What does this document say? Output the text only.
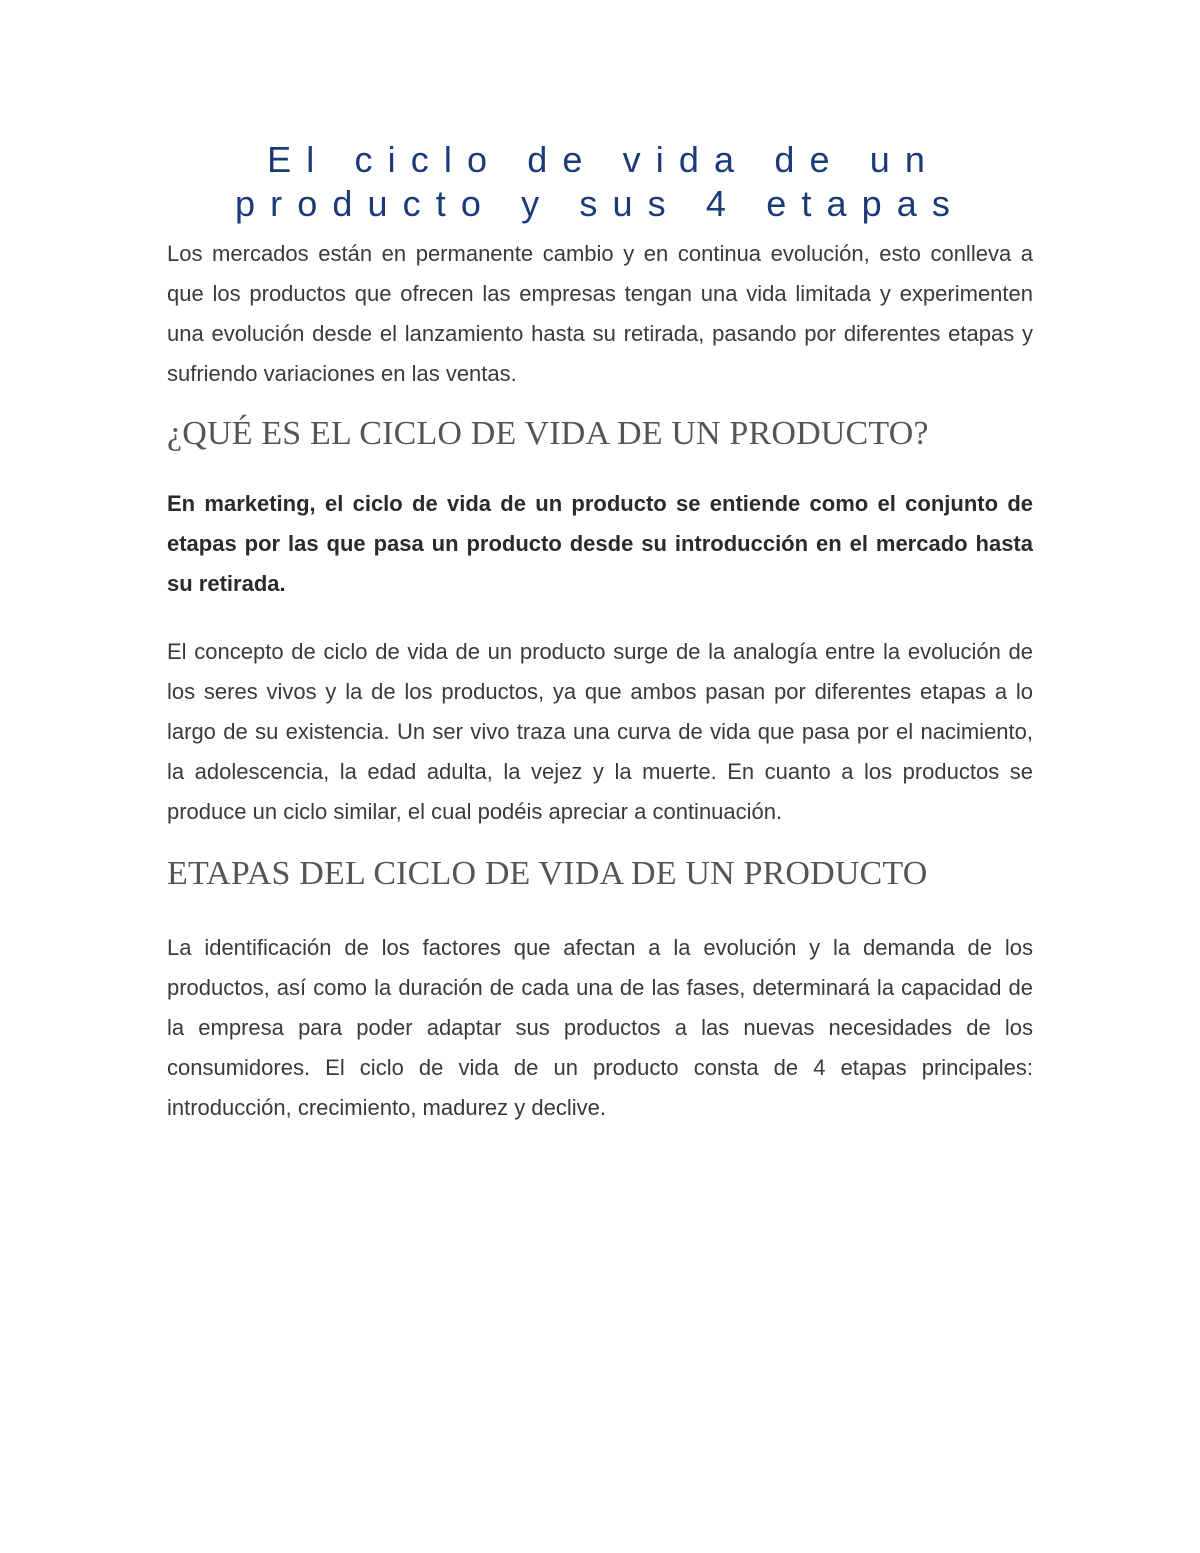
El ciclo de vida de un
producto y sus 4 etapas

Los mercados están en permanente cambio y en continua evolución, esto conlleva a que los productos que ofrecen las empresas tengan una vida limitada y experimenten una evolución desde el lanzamiento hasta su retirada, pasando por diferentes etapas y sufriendo variaciones en las ventas.

¿QUÉ ES EL CICLO DE VIDA DE UN PRODUCTO?

En marketing, el ciclo de vida de un producto se entiende como el conjunto de etapas por las que pasa un producto desde su introducción en el mercado hasta su retirada.

El concepto de ciclo de vida de un producto surge de la analogía entre la evolución de los seres vivos y la de los productos, ya que ambos pasan por diferentes etapas a lo largo de su existencia. Un ser vivo traza una curva de vida que pasa por el nacimiento, la adolescencia, la edad adulta, la vejez y la muerte. En cuanto a los productos se produce un ciclo similar, el cual podéis apreciar a continuación.

ETAPAS DEL CICLO DE VIDA DE UN PRODUCTO

La identificación de los factores que afectan a la evolución y la demanda de los productos, así como la duración de cada una de las fases, determinará la capacidad de la empresa para poder adaptar sus productos a las nuevas necesidades de los consumidores. El ciclo de vida de un producto consta de 4 etapas principales: introducción, crecimiento, madurez y declive.
